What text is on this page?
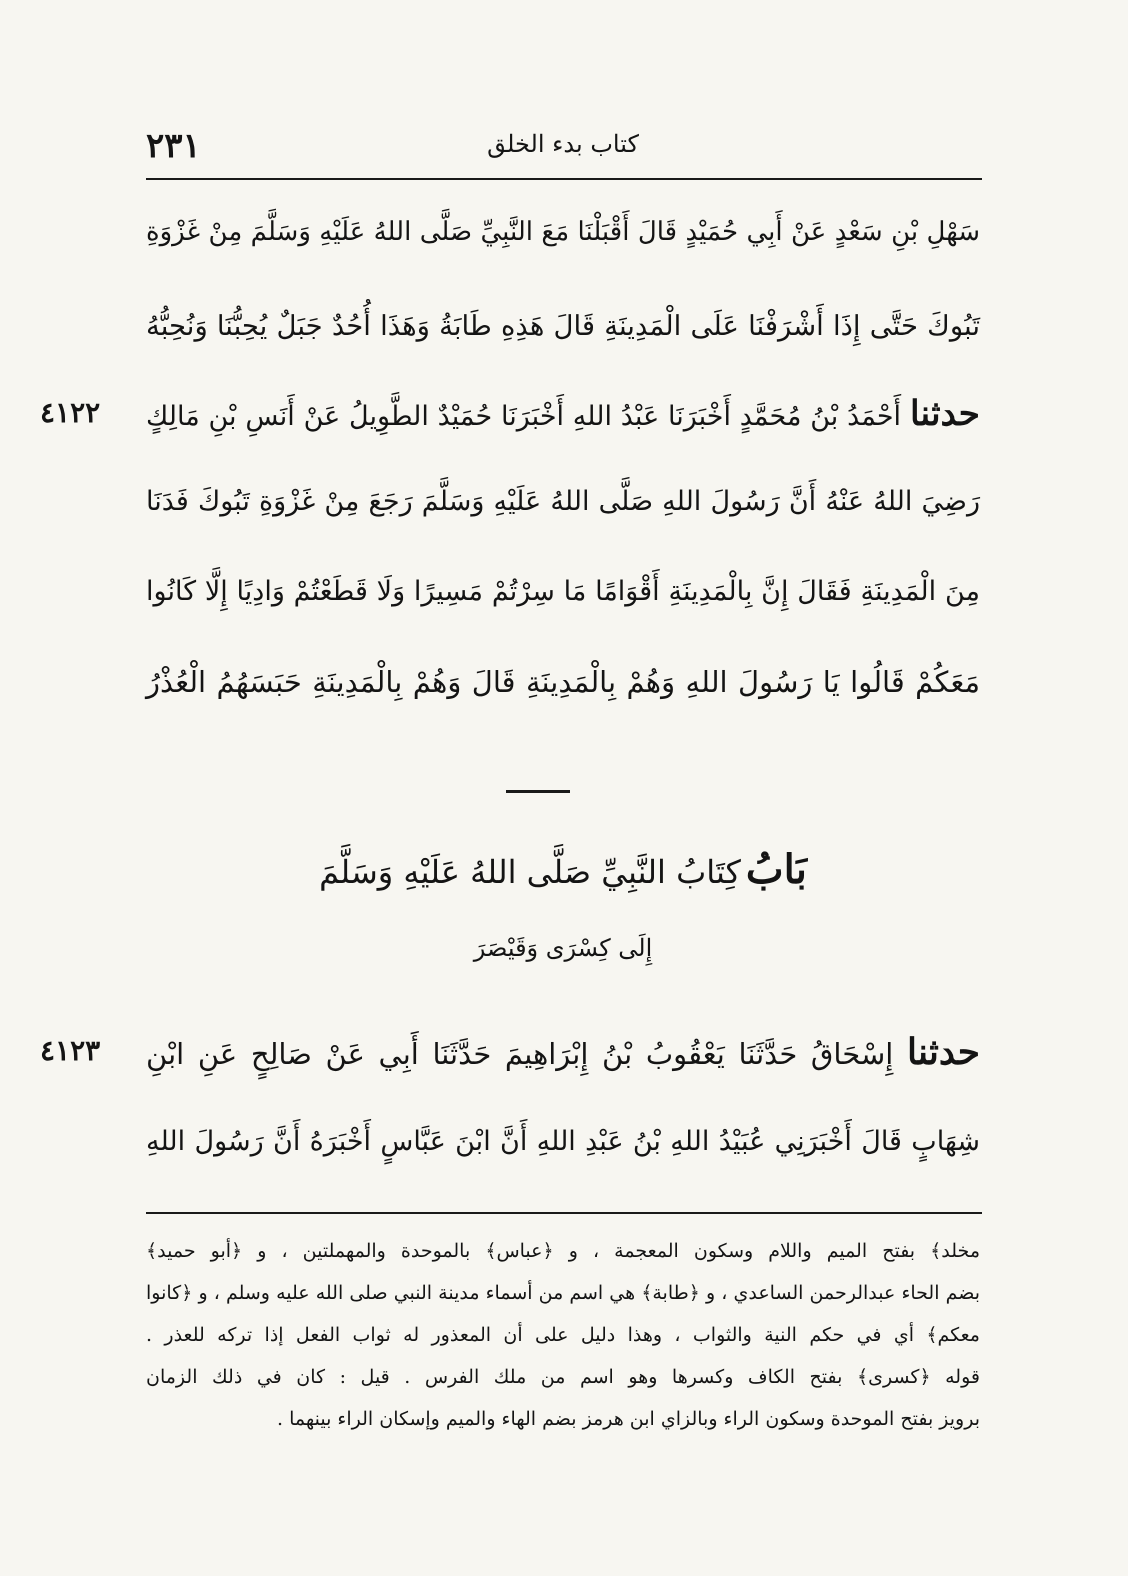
كتاب بدء الخلق
٢٣١
سَهْلِ بْنِ سَعْدٍ عَنْ أَبِي حُمَيْدٍ قَالَ أَقْبَلْنَا مَعَ النَّبِيِّ صَلَّى اللهُ عَلَيْهِ وَسَلَّمَ مِنْ غَزْوَةِ
تَبُوكَ حَتَّى إِذَا أَشْرَفْنَا عَلَى الْمَدِينَةِ قَالَ هَذِهِ طَابَةُ وَهَذَا أُحُدٌ جَبَلٌ يُحِبُّنَا وَنُحِبُّهُ
٤١٢٢	حدثنا أَحْمَدُ بْنُ مُحَمَّدٍ أَخْبَرَنَا عَبْدُ اللهِ أَخْبَرَنَا حُمَيْدٌ الطَّوِيلُ عَنْ أَنَسِ بْنِ مَالِكٍ
رَضِيَ اللهُ عَنْهُ أَنَّ رَسُولَ اللهِ صَلَّى اللهُ عَلَيْهِ وَسَلَّمَ رَجَعَ مِنْ غَزْوَةِ تَبُوكَ فَدَنَا
مِنَ الْمَدِينَةِ فَقَالَ إِنَّ بِالْمَدِينَةِ أَقْوَامًا مَا سِرْتُمْ مَسِيرًا وَلَا قَطَعْتُمْ وَادِيًا إِلَّا كَانُوا
مَعَكُمْ قَالُوا يَا رَسُولَ اللهِ وَهُمْ بِالْمَدِينَةِ قَالَ وَهُمْ بِالْمَدِينَةِ حَبَسَهُمُ الْعُذْرُ
بَابُ كِتَابُ النَّبِيِّ صَلَّى اللهُ عَلَيْهِ وَسَلَّمَ
إِلَى كِسْرَى وَقَيْصَرَ
٤١٢٣	حدثنا إِسْحَاقُ حَدَّثَنَا يَعْقُوبُ بْنُ إِبْرَاهِيمَ حَدَّثَنَا أَبِي عَنْ صَالِحٍ عَنِ ابْنِ
شِهَابٍ قَالَ أَخْبَرَنِي عُبَيْدُ اللهِ بْنُ عَبْدِ اللهِ أَنَّ ابْنَ عَبَّاسٍ أَخْبَرَهُ أَنَّ رَسُولَ اللهِ
مخلد﴾ بفتح الميم واللام وسكون المعجمة ، و ﴿عباس﴾ بالموحدة والمهملتين ، و ﴿أبو حميد﴾
بضم الحاء عبدالرحمن الساعدي ، و ﴿طابة﴾ هي اسم من أسماء مدينة النبي صلى الله عليه وسلم ، و ﴿كانوا
معكم﴾ أي في حكم النية والثواب ، وهذا دليل على أن المعذور له ثواب الفعل إذا تركه للعذر .
قوله ﴿كسرى﴾ بفتح الكاف وكسرها وهو اسم من ملك الفرس . قيل : كان في ذلك الزمان
برويز بفتح الموحدة وسكون الراء وبالزاي ابن هرمز بضم الهاء والميم وإسكان الراء بينهما .
